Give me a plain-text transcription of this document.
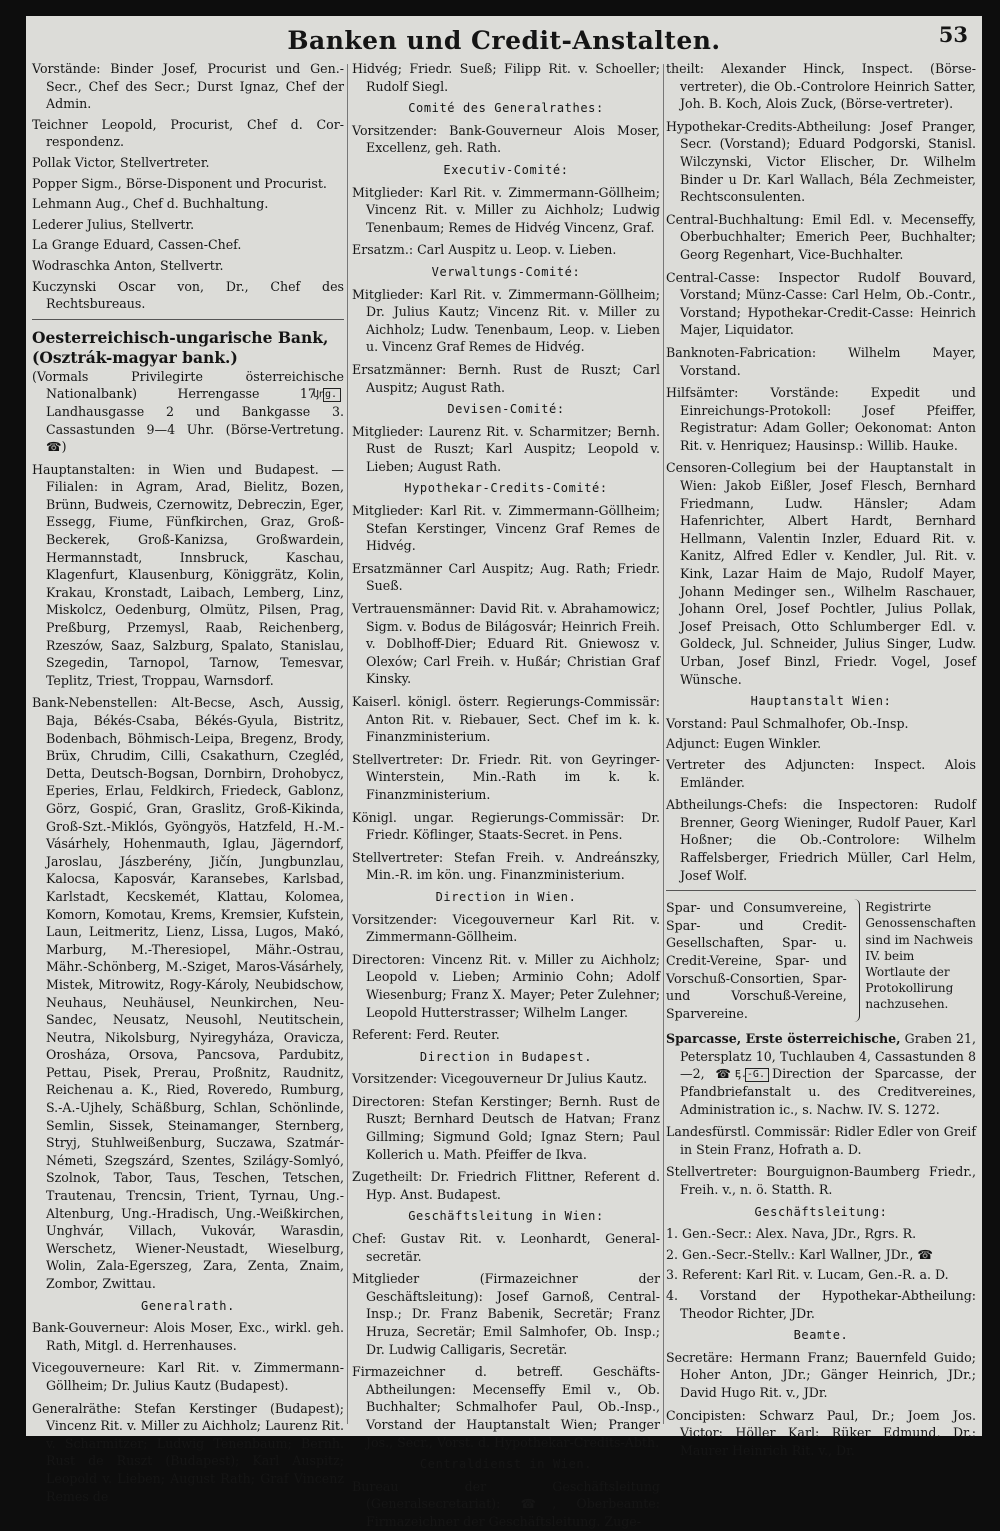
Banken und Credit-Anstalten.	53
Vorstände: Binder Josef, Procurist und Gen.-Secr., Chef des Secr.; Durst Ignaz, Chef der Admin.
Teichner Leopold, Procurist, Chef d. Cor-respondenz.
Pollak Victor, Stellvertreter.
Popper Sigm., Börse-Disponent und Procurist.
Lehmann Aug., Chef d. Buchhaltung.
Lederer Julius, Stellvertr.
La Grange Eduard, Cassen-Chef.
Wodraschka Anton, Stellvertr.
Kuczynski Oscar von, Dr., Chef des Rechtsbureaus.
Oesterreichisch-ungarische Bank, (Osztrák-magyar bank.)
(Vormals Privilegirte österreichische Nationalbank) Herrengasse 17,Ung.Landhausgasse 2 und Bankgasse 3. Cassastunden 9—4 Uhr. (Börse-Vertretung. ☎)
Hauptanstalten: in Wien und Budapest. — Filialen: in Agram, Arad, Bielitz, Bozen, Brünn, Budweis, Czernowitz, Debreczin, Eger, Essegg, Fiume, Fünfkirchen, Graz, Groß-Beckerek, Groß-Kanizsa, Großwardein, Hermannstadt, Innsbruck, Kaschau, Klagenfurt, Klausenburg, Königgrätz, Kolin, Krakau, Kronstadt, Laibach, Lemberg, Linz, Miskolcz, Oedenburg, Olmütz, Pilsen, Prag, Preßburg, Przemysl, Raab, Reichenberg, Rzeszów, Saaz, Salzburg, Spalato, Stanislau, Szegedin, Tarnopol, Tarnow, Temesvar, Teplitz, Triest, Troppau, Warnsdorf.
Bank-Nebenstellen: Alt-Becse, Asch, Aussig, Baja, Békés-Csaba, Békés-Gyula, Bistritz, Bodenbach, Böhmisch-Leipa, Bregenz, Brody, Brüx, Chrudim, Cilli, Csakathurn, Czegléd, Detta, Deutsch-Bogsan, Dornbirn, Drohobycz, Eperies, Erlau, Feldkirch, Friedeck, Gablonz, Görz, Gospić, Gran, Graslitz, Groß-Kikinda, Groß-Szt.-Miklós, Gyöngyös, Hatzfeld, H.-M.-Vásárhely, Hohenmauth, Iglau, Jägerndorf, Jaroslau, Jászberény, Jičín, Jungbunzlau, Kalocsa, Kaposvár, Karansebes, Karlsbad, Karlstadt, Kecskemét, Klattau, Kolomea, Komorn, Komotau, Krems, Kremsier, Kufstein, Laun, Leitmeritz, Lienz, Lissa, Lugos, Makó, Marburg, M.-Theresiopel, Mähr.-Ostrau, Mähr.-Schönberg, M.-Sziget, Maros-Vásárhely, Mistek, Mitrowitz, Rogy-Károly, Neubidschow, Neuhaus, Neuhäusel, Neunkirchen, Neu-Sandec, Neusatz, Neusohl, Neutitschein, Neutra, Nikolsburg, Nyiregyháza, Oravicza, Orosháza, Orsova, Pancsova, Pardubitz, Pettau, Pisek, Prerau, Proßnitz, Raudnitz, Reichenau a. K., Ried, Roveredo, Rumburg, S.-A.-Ujhely, Schäßburg, Schlan, Schönlinde, Semlin, Sissek, Steinamanger, Sternberg, Stryj, Stuhlweißenburg, Suczawa, Szatmár-Németi, Szegszárd, Szentes, Szilágy-Somlyó, Szolnok, Tabor, Taus, Teschen, Tetschen, Trautenau, Trencsin, Trient, Tyrnau, Ung.-Altenburg, Ung.-Hradisch, Ung.-Weißkirchen, Unghvár, Villach, Vukovár, Warasdin, Werschetz, Wiener-Neustadt, Wieselburg, Wolin, Zala-Egerszeg, Zara, Zenta, Znaim, Zombor, Zwittau.
Generalrath.
Bank-Gouverneur: Alois Moser, Exc., wirkl. geh. Rath, Mitgl. d. Herrenhauses.
Vicegouverneure: Karl Rit. v. Zimmermann-Göllheim; Dr. Julius Kautz (Budapest).
Generalräthe: Stefan Kerstinger (Budapest); Vincenz Rit. v. Miller zu Aichholz; Laurenz Rit. v. Scharmitzer; Ludwig Tenenbaum; Bernh. Rust de Ruszt (Budapest); Karl Auspitz; Leopold v. Lieben; August Rath; Graf Vincenz Remes de
Hidvég; Friedr. Sueß; Filipp Rit. v. Schoeller; Rudolf Siegl.
Comité des Generalrathes:
Vorsitzender: Bank-Gouverneur Alois Moser, Excellenz, geh. Rath.
Executiv-Comité:
Mitglieder: Karl Rit. v. Zimmermann-Göllheim; Vincenz Rit. v. Miller zu Aichholz; Ludwig Tenenbaum; Remes de Hidvég Vincenz, Graf.
Ersatzm.: Carl Auspitz u. Leop. v. Lieben.
Verwaltungs-Comité:
Mitglieder: Karl Rit. v. Zimmermann-Göllheim; Dr. Julius Kautz; Vincenz Rit. v. Miller zu Aichholz; Ludw. Tenenbaum, Leop. v. Lieben u. Vincenz Graf Remes de Hidvég.
Ersatzmänner: Bernh. Rust de Ruszt; Carl Auspitz; August Rath.
Devisen-Comité:
Mitglieder: Laurenz Rit. v. Scharmitzer; Bernh. Rust de Ruszt; Karl Auspitz; Leopold v. Lieben; August Rath.
Hypothekar-Credits-Comité:
Mitglieder: Karl Rit. v. Zimmermann-Göllheim; Stefan Kerstinger, Vincenz Graf Remes de Hidvég.
Ersatzmänner Carl Auspitz; Aug. Rath; Friedr. Sueß.
Vertrauensmänner: David Rit. v. Abrahamowicz; Sigm. v. Bodus de Bilágosvár; Heinrich Freih. v. Doblhoff-Dier; Eduard Rit. Gniewosz v. Olexów; Carl Freih. v. Hußár; Christian Graf Kinsky.
Kaiserl. königl. österr. Regierungs-Commissär: Anton Rit. v. Riebauer, Sect. Chef im k. k. Finanzministerium.
Stellvertreter: Dr. Friedr. Rit. von Geyringer-Winterstein, Min.-Rath im k. k. Finanzministerium.
Königl. ungar. Regierungs-Commissär: Dr. Friedr. Köflinger, Staats-Secret. in Pens.
Stellvertreter: Stefan Freih. v. Andreánszky, Min.-R. im kön. ung. Finanzministerium.
Direction in Wien.
Vorsitzender: Vicegouverneur Karl Rit. v. Zimmermann-Göllheim.
Directoren: Vincenz Rit. v. Miller zu Aichholz; Leopold v. Lieben; Arminio Cohn; Adolf Wiesenburg; Franz X. Mayer; Peter Zulehner; Leopold Hutterstrasser; Wilhelm Langer.
Referent: Ferd. Reuter.
Direction in Budapest.
Vorsitzender: Vicegouverneur Dr Julius Kautz.
Directoren: Stefan Kerstinger; Bernh. Rust de Ruszt; Bernhard Deutsch de Hatvan; Franz Gillming; Sigmund Gold; Ignaz Stern; Paul Kollerich u. Math. Pfeiffer de Ikva.
Zugetheilt: Dr. Friedrich Flittner, Referent d. Hyp. Anst. Budapest.
Geschäftsleitung in Wien:
Chef: Gustav Rit. v. Leonhardt, General-secretär.
Mitglieder (Firmazeichner der Geschäftsleitung): Josef Garnoß, Central-Insp.; Dr. Franz Babenik, Secretär; Franz Hruza, Secretär; Emil Salmhofer, Ob. Insp.; Dr. Ludwig Calligaris, Secretär.
Firmazeichner d. betreff. Geschäfts-Abtheilungen: Mecenseffy Emil v., Ob. Buchhalter; Schmalhofer Paul, Ob.-Insp., Vorstand der Hauptanstalt Wien; Pranger Jos., Secr., Vorst. d. Hypothekar-Credits-Abth.
Centraldienst in Wien.
Bureau der Geschäftsleitung (Generalsecretariat): ☎, Oberbeamte: Firmazeichner der Geschäftsleitung. Zuge-
theilt: Alexander Hinck, Inspect. (Börse-vertreter), die Ob.-Controlore Heinrich Satter, Joh. B. Koch, Alois Zuck, (Börse-vertreter).
Hypothekar-Credits-Abtheilung: Josef Pranger, Secr. (Vorstand); Eduard Podgorski, Stanisl. Wilczynski, Victor Elischer, Dr. Wilhelm Binder u Dr. Karl Wallach, Béla Zechmeister, Rechtsconsulenten.
Central-Buchhaltung: Emil Edl. v. Mecenseffy, Oberbuchhalter; Emerich Peer, Buchhalter; Georg Regenhart, Vice-Buchhalter.
Central-Casse: Inspector Rudolf Bouvard, Vorstand; Münz-Casse: Carl Helm, Ob.-Contr., Vorstand; Hypothekar-Credit-Casse: Heinrich Majer, Liquidator.
Banknoten-Fabrication: Wilhelm Mayer, Vorstand.
Hilfsämter: Vorstände: Expedit und Einreichungs-Protokoll: Josef Pfeiffer, Registratur: Adam Goller; Oekonomat: Anton Rit. v. Henriquez; Hausinsp.: Willib. Hauke.
Censoren-Collegium bei der Hauptanstalt in Wien: Jakob Eißler, Josef Flesch, Bernhard Friedmann, Ludw. Hänsler; Adam Hafenrichter, Albert Hardt, Bernhard Hellmann, Valentin Inzler, Eduard Rit. v. Kanitz, Alfred Edler v. Kendler, Jul. Rit. v. Kink, Lazar Haim de Majo, Rudolf Mayer, Johann Medinger sen., Wilhelm Raschauer, Johann Orel, Josef Pochtler, Julius Pollak, Josef Preisach, Otto Schlumberger Edl. v. Goldeck, Jul. Schneider, Julius Singer, Ludw. Urban, Josef Binzl, Friedr. Vogel, Josef Wünsche.
Hauptanstalt Wien:
Vorstand: Paul Schmalhofer, Ob.-Insp.
Adjunct: Eugen Winkler.
Vertreter des Adjuncten: Inspect. Alois Emländer.
Abtheilungs-Chefs: die Inspectoren: Rudolf Brenner, Georg Wieninger, Rudolf Pauer, Karl Hoßner; die Ob.-Controlore: Wilhelm Raffelsberger, Friedrich Müller, Carl Helm, Josef Wolf.
Spar- und Consumvereine, Spar- und Credit-Gesellschaften, Spar- u. Credit-Vereine, Spar- und Vorschuß-Consortien, Spar- und Vorschuß-Vereine, Sparvereine.
Registrirte Genossenschaften sind im Nachweis IV. beim Wortlaute der Protokollirung nachzusehen.
Sparcasse, Erste österreichische, Graben 21, Petersplatz 10, Tuchlauben 4, Cassastunden 8—2, ☎,E.-G. Direction der Sparcasse, der Pfandbriefanstalt u. des Creditvereines, Administration ic., s. Nachw. IV. S. 1272.
Landesfürstl. Commissär: Ridler Edler von Greif in Stein Franz, Hofrath a. D.
Stellvertreter: Bourguignon-Baumberg Friedr., Freih. v., n. ö. Statth. R.
Geschäftsleitung:
1. Gen.-Secr.: Alex. Nava, JDr., Rgrs. R.
2. Gen.-Secr.-Stellv.: Karl Wallner, JDr., ☎
3. Referent: Karl Rit. v. Lucam, Gen.-R. a. D.
4. Vorstand der Hypothekar-Abtheilung: Theodor Richter, JDr.
Beamte.
Secretäre: Hermann Franz; Bauernfeld Guido; Hoher Anton, JDr.; Gänger Heinrich, JDr.; David Hugo Rit. v., JDr.
Concipisten: Schwarz Paul, Dr.; Joem Jos. Victor; Höller Karl; Rüker Edmund, Dr.; Maurer Heinrich Rit. v., Dr.
